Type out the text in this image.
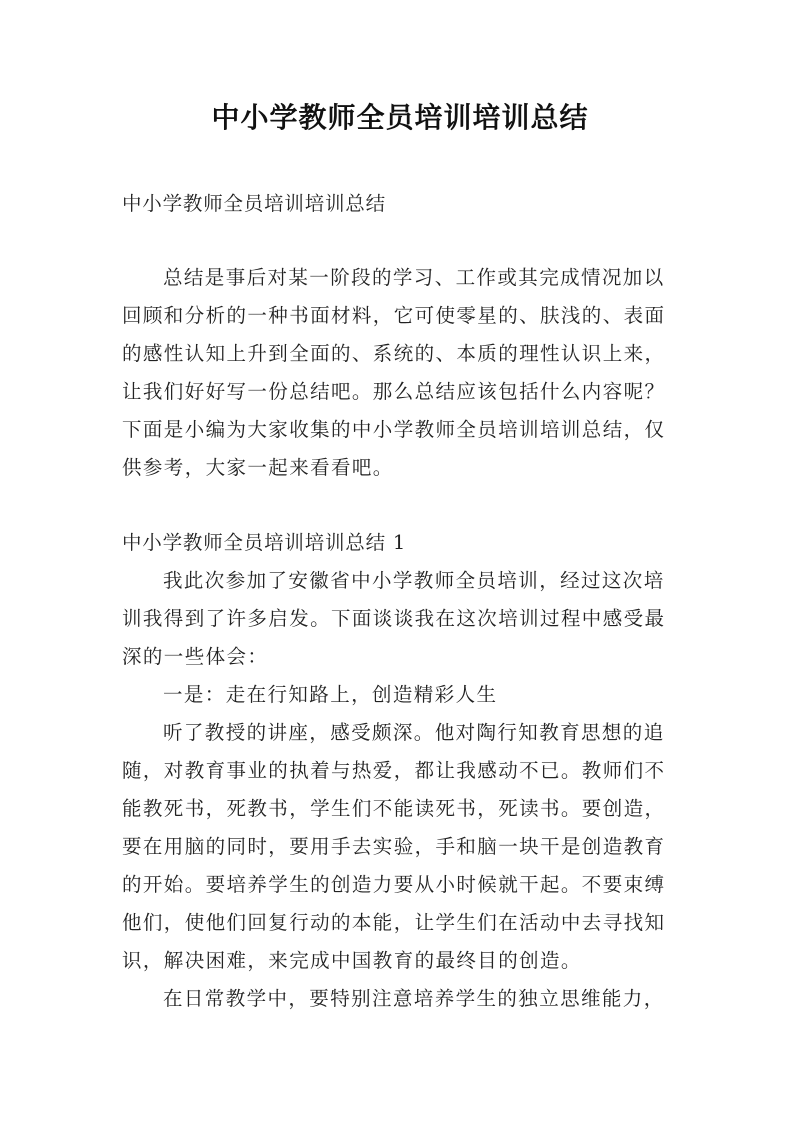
中小学教师全员培训培训总结

中小学教师全员培训培训总结

总结是事后对某一阶段的学习、工作或其完成情况加以

回顾和分析的一种书面材料，它可使零星的、肤浅的、表面

的感性认知上升到全面的、系统的、本质的理性认识上来，

让我们好好写一份总结吧。那么总结应该包括什么内容呢？

下面是小编为大家收集的中小学教师全员培训培训总结，仅

供参考，大家一起来看看吧。

中小学教师全员培训培训总结 1

我此次参加了安徽省中小学教师全员培训，经过这次培

训我得到了许多启发。下面谈谈我在这次培训过程中感受最

深的一些体会：

一是：走在行知路上，创造精彩人生

听了教授的讲座，感受颇深。他对陶行知教育思想的追

随，对教育事业的执着与热爱，都让我感动不已。教师们不

能教死书，死教书，学生们不能读死书，死读书。要创造，

要在用脑的同时，要用手去实验，手和脑一块干是创造教育

的开始。要培养学生的创造力要从小时候就干起。不要束缚

他们，使他们回复行动的本能，让学生们在活动中去寻找知

识，解决困难，来完成中国教育的最终目的创造。

在日常教学中，要特别注意培养学生的独立思维能力，
